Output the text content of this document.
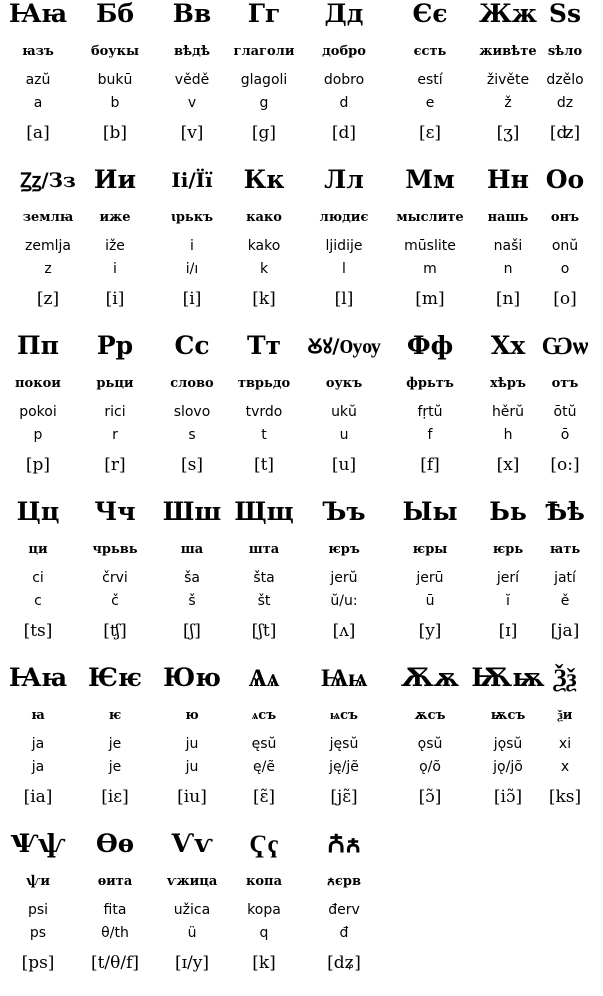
Ꙗꙗ
ꙗзъ
azŭ
a
[a]
Бб
боукы
bukū
b
[b]
Вв
вѣдѣ
vědě
v
[v]
Гг
глаголи
glagoli
g
[g]
Дд
добро
dobro
d
[d]
Єє
єсть
estí
e
[ɛ]
Жж
живѣте
živěte
ž
[ʒ]
Ѕѕ
ѕѣло
dzělo
dz
[ʣ]
Ꙁꙁ/Зз
землꙗ
zemlja
z
[z]
Ии
иже
iže
i
[i]
Іі/Її
ꙇрькъ
i
i/ı
[i]
Кк
како
kako
k
[k]
Лл
людиє
ljidije
l
[l]
Мм
мыслите
mūslite
m
[m]
Нн
нашь
naši
n
[n]
Оо
онъ
onŭ
o
[o]
Пп
покои
pokoi
p
[p]
Рр
рьци
rici
r
[r]
Сс
слово
slovo
s
[s]
Тт
тврьдо
tvrdo
t
[t]
Ꙋꙋ/Ѹѹ
оукъ
ukŭ
u
[u]
Фф
фрьтъ
fṛtŭ
f
[f]
Хх
хѣръ
hěrŭ
h
[x]
Ѡѡ
отъ
ōtŭ
ō
[o:]
Цц
ци
ci
c
[ts]
Чч
чрьвь
črvi
č
[ʧ]
Шш
ша
ša
š
[ʃ]
Щщ
шта
šta
št
[ʃt]
Ъъ
ѥръ
jerŭ
ŭ/u:
[ʌ]
Ыы
ѥры
jerū
ū
[y]
Ьь
ѥрь
jerí
ĭ
[ɪ]
Ѣѣ
ꙗть
jatí
ě
[ja]
Ꙗꙗ
ꙗ
ja
ja
[ia]
Ѥѥ
ѥ
je
je
[iɛ]
Юю
ю
ju
ju
[iu]
Ѧѧ
ѧсъ
ęsŭ
ę/ẽ
[ɛ̃]
Ѩѩ
ѩсъ
jęsŭ
ję/jẽ
[jɛ̃]
Ѫѫ
ѫсъ
ǫsŭ
ǫ/õ
[ɔ̃]
Ѭѭ
ѭсъ
jǫsŭ
jǫ/jõ
[iɔ̃]
Ѯѯ
ѯи
xi
x
[ks]
Ѱѱ
ѱи
psi
ps
[ps]
Ѳѳ
ѳита
fita
θ/th
[t/θ/f]
Ѵѵ
ѵжица
užica
ü
[ɪ/y]
Ҁҁ
копа
kopa
q
[k]
Ꙉꙉ
ꙉєрв
đerv
đ
[dʑ]
